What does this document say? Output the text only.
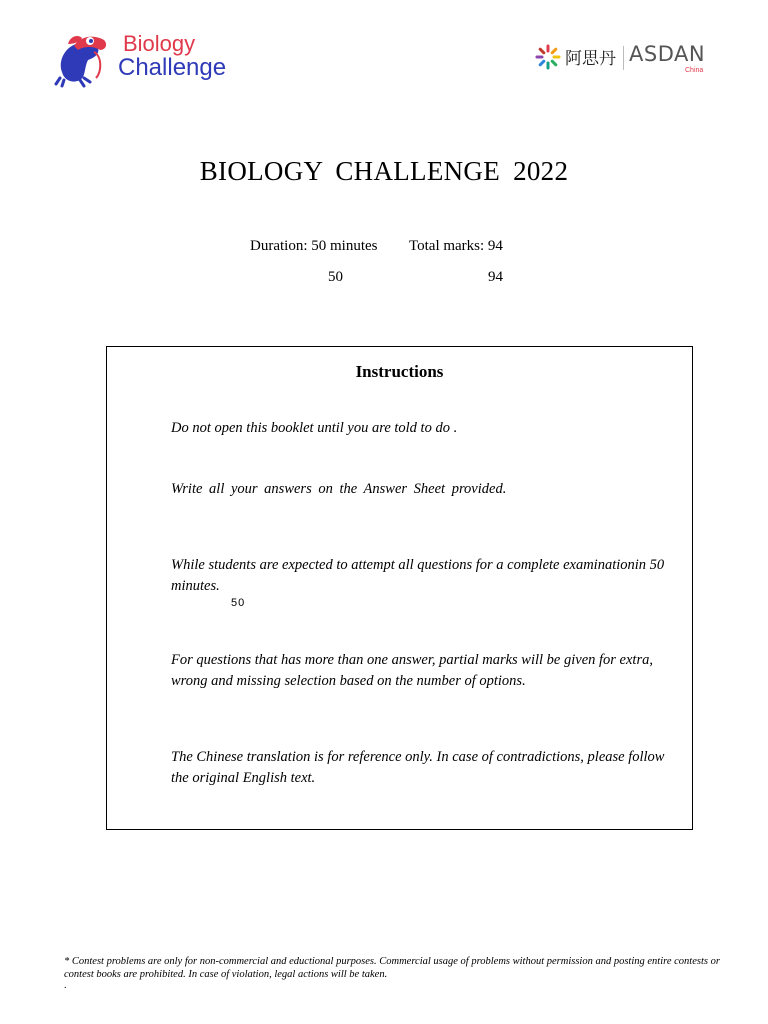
Biology
Challenge	阿思丹 ASDAN
China
BIOLOGY CHALLENGE 2022
Duration: 50 minutes Total marks: 94
50	94
Instructions
Do not open this booklet until you are told to do .
Write all your answers on the Answer Sheet provided.
While students are expected to attempt all questions for a complete examinationin 50 minutes.
50
For questions that has more than one answer, partial marks will be given for extra, wrong and missing selection based on the number of options.
The Chinese translation is for reference only. In case of contradictions, please follow the original English text.
* Contest problems are only for non-commercial and eductional purposes. Commercial usage of problems without permission and posting entire contests or contest books are prohibited. In case of violation, legal actions will be taken.
.
